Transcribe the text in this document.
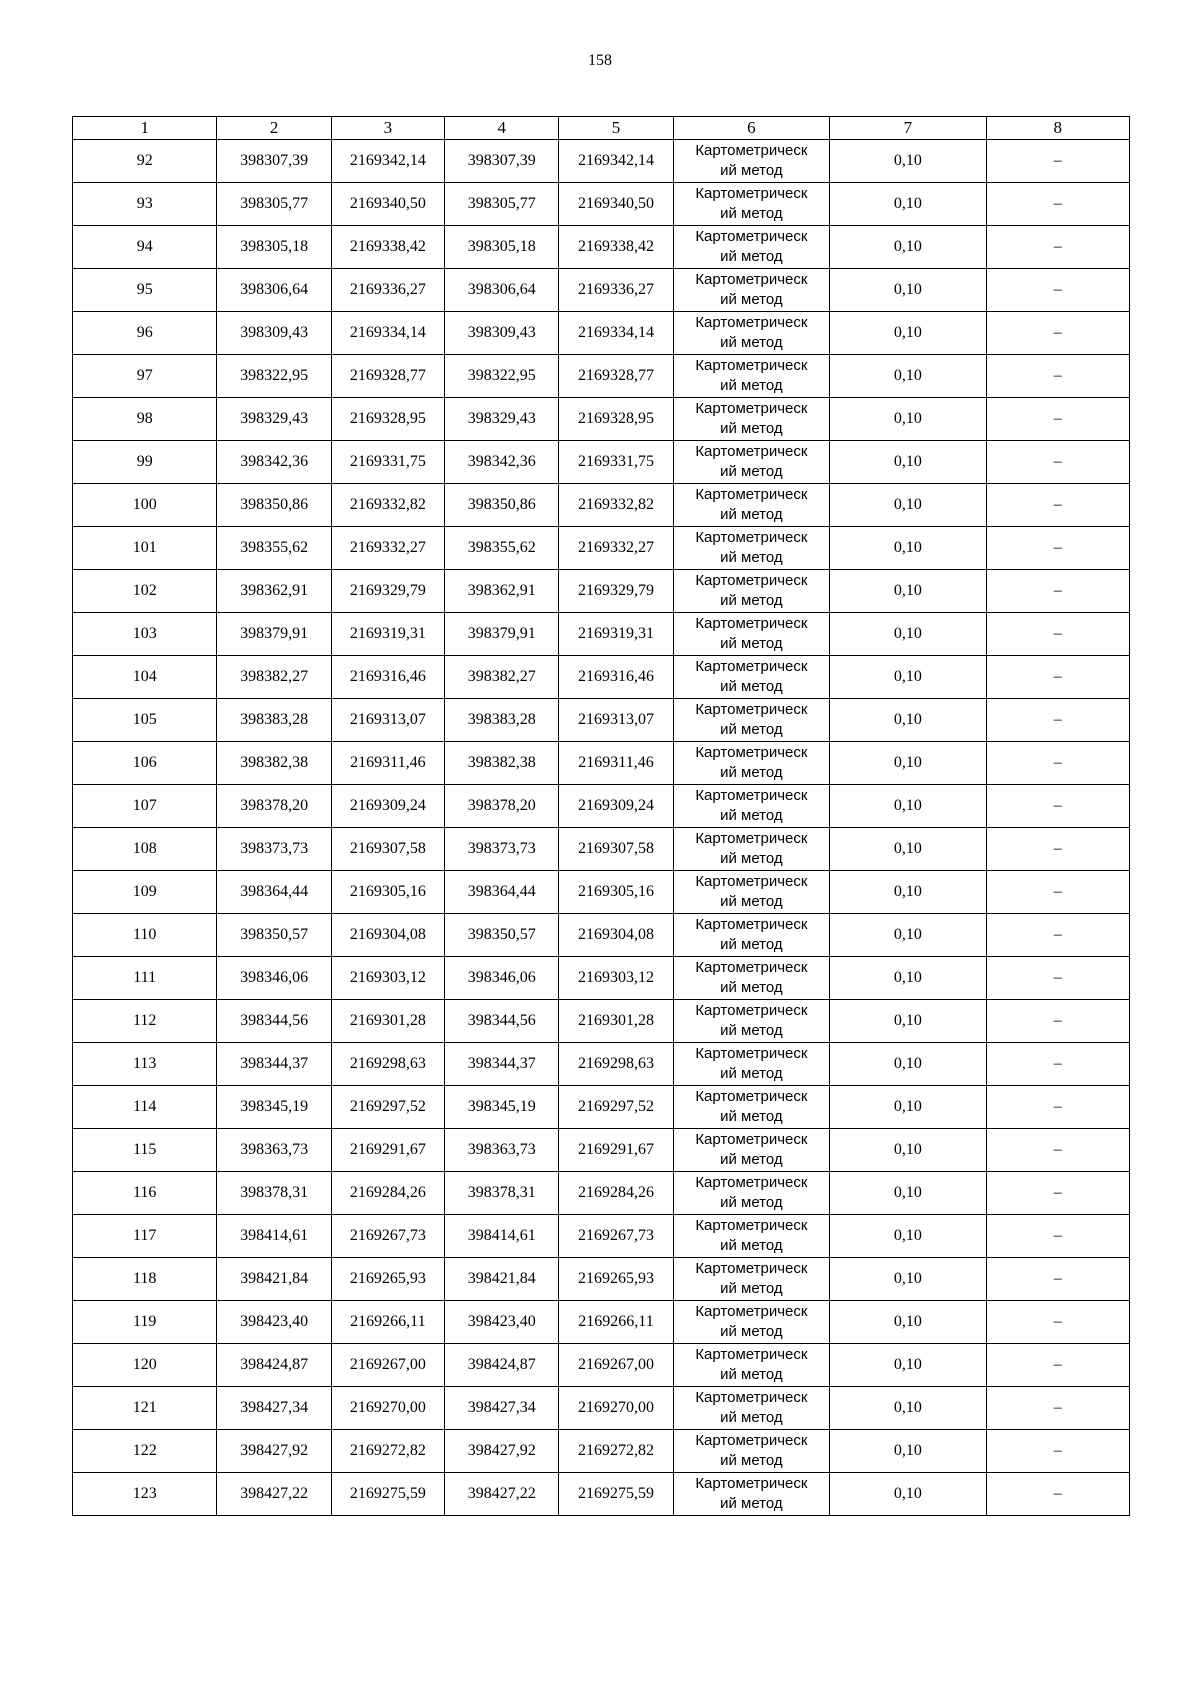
158
1	2	3	4	5	6	7	8
92	398307,39	2169342,14	398307,39	2169342,14	Картометрическ
ий метод	0,10	–
93	398305,77	2169340,50	398305,77	2169340,50	Картометрическ
ий метод	0,10	–
94	398305,18	2169338,42	398305,18	2169338,42	Картометрическ
ий метод	0,10	–
95	398306,64	2169336,27	398306,64	2169336,27	Картометрическ
ий метод	0,10	–
96	398309,43	2169334,14	398309,43	2169334,14	Картометрическ
ий метод	0,10	–
97	398322,95	2169328,77	398322,95	2169328,77	Картометрическ
ий метод	0,10	–
98	398329,43	2169328,95	398329,43	2169328,95	Картометрическ
ий метод	0,10	–
99	398342,36	2169331,75	398342,36	2169331,75	Картометрическ
ий метод	0,10	–
100	398350,86	2169332,82	398350,86	2169332,82	Картометрическ
ий метод	0,10	–
101	398355,62	2169332,27	398355,62	2169332,27	Картометрическ
ий метод	0,10	–
102	398362,91	2169329,79	398362,91	2169329,79	Картометрическ
ий метод	0,10	–
103	398379,91	2169319,31	398379,91	2169319,31	Картометрическ
ий метод	0,10	–
104	398382,27	2169316,46	398382,27	2169316,46	Картометрическ
ий метод	0,10	–
105	398383,28	2169313,07	398383,28	2169313,07	Картометрическ
ий метод	0,10	–
106	398382,38	2169311,46	398382,38	2169311,46	Картометрическ
ий метод	0,10	–
107	398378,20	2169309,24	398378,20	2169309,24	Картометрическ
ий метод	0,10	–
108	398373,73	2169307,58	398373,73	2169307,58	Картометрическ
ий метод	0,10	–
109	398364,44	2169305,16	398364,44	2169305,16	Картометрическ
ий метод	0,10	–
110	398350,57	2169304,08	398350,57	2169304,08	Картометрическ
ий метод	0,10	–
111	398346,06	2169303,12	398346,06	2169303,12	Картометрическ
ий метод	0,10	–
112	398344,56	2169301,28	398344,56	2169301,28	Картометрическ
ий метод	0,10	–
113	398344,37	2169298,63	398344,37	2169298,63	Картометрическ
ий метод	0,10	–
114	398345,19	2169297,52	398345,19	2169297,52	Картометрическ
ий метод	0,10	–
115	398363,73	2169291,67	398363,73	2169291,67	Картометрическ
ий метод	0,10	–
116	398378,31	2169284,26	398378,31	2169284,26	Картометрическ
ий метод	0,10	–
117	398414,61	2169267,73	398414,61	2169267,73	Картометрическ
ий метод	0,10	–
118	398421,84	2169265,93	398421,84	2169265,93	Картометрическ
ий метод	0,10	–
119	398423,40	2169266,11	398423,40	2169266,11	Картометрическ
ий метод	0,10	–
120	398424,87	2169267,00	398424,87	2169267,00	Картометрическ
ий метод	0,10	–
121	398427,34	2169270,00	398427,34	2169270,00	Картометрическ
ий метод	0,10	–
122	398427,92	2169272,82	398427,92	2169272,82	Картометрическ
ий метод	0,10	–
123	398427,22	2169275,59	398427,22	2169275,59	Картометрическ
ий метод	0,10	–
